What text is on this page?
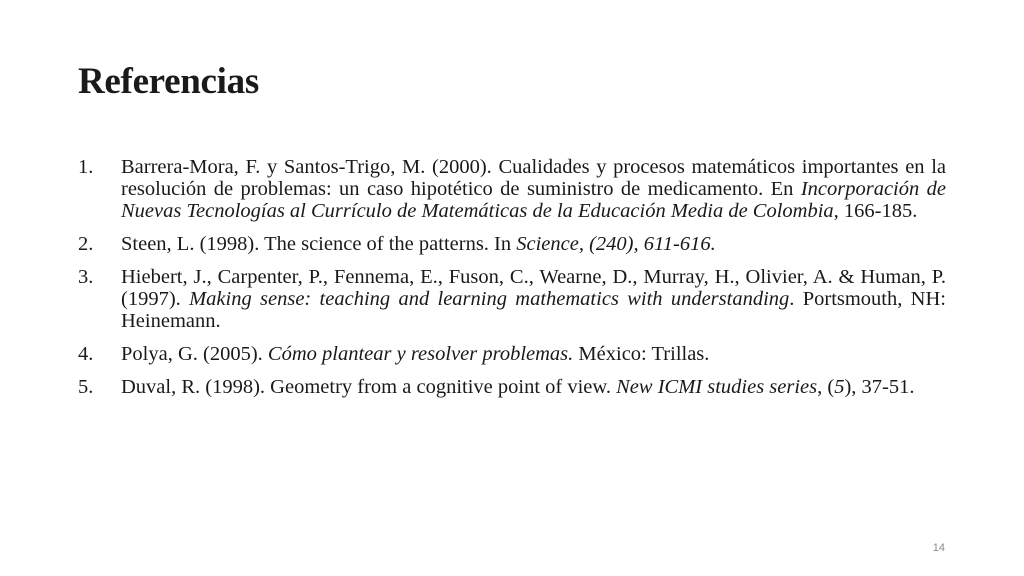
Referencias
1. Barrera-Mora, F. y Santos-Trigo, M. (2000). Cualidades y procesos matemáticos importantes en la resolución de problemas: un caso hipotético de suministro de medicamento. En Incorporación de Nuevas Tecnologías al Currículo de Matemáticas de la Educación Media de Colombia, 166-185.
2. Steen, L. (1998). The science of the patterns. In Science, (240), 611-616.
3. Hiebert, J., Carpenter, P., Fennema, E., Fuson, C., Wearne, D., Murray, H., Olivier, A. & Human, P. (1997). Making sense: teaching and learning mathematics with understanding. Portsmouth, NH: Heinemann.
4. Polya, G. (2005). Cómo plantear y resolver problemas. México: Trillas.
5. Duval, R. (1998). Geometry from a cognitive point of view. New ICMI studies series, (5), 37-51.
14
